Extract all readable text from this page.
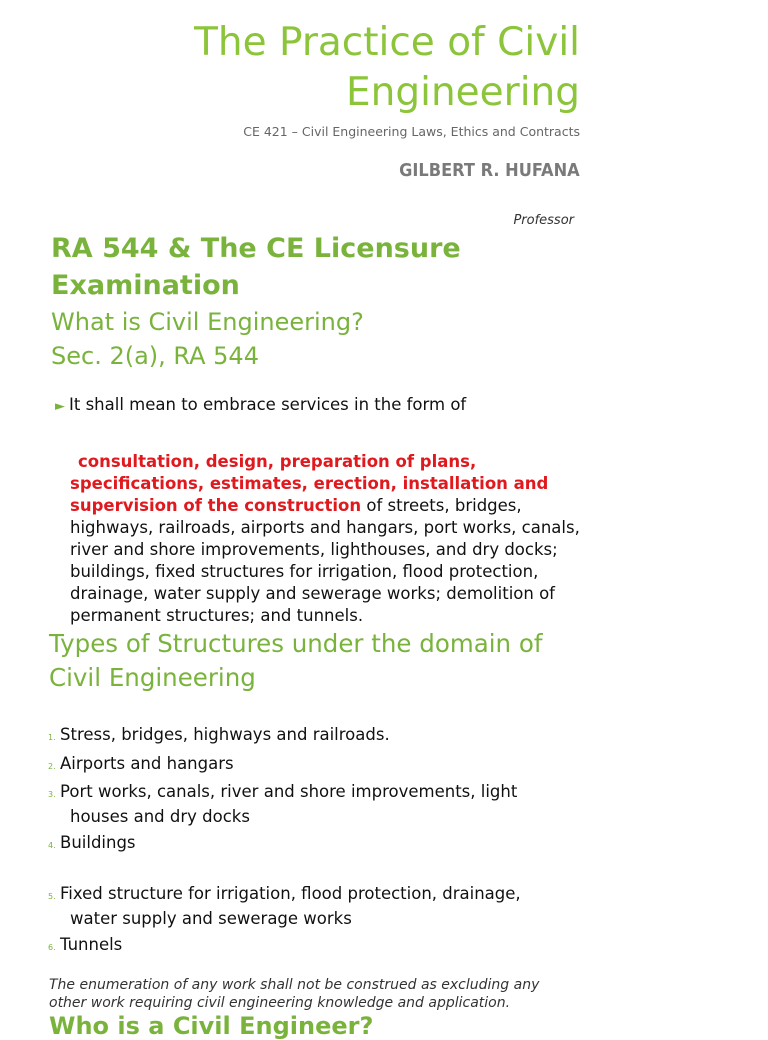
The Practice of Civil
Engineering
CE 421 – Civil Engineering Laws, Ethics and Contracts
GILBERT R. HUFANA
Professor
RA 544 & The CE Licensure
Examination
What is Civil Engineering?
Sec. 2(a), RA 544
► It shall mean to embrace services in the form of
consultation, design, preparation of plans, specifications, estimates, erection, installation and supervision of the construction of streets, bridges, highways, railroads, airports and hangars, port works, canals, river and shore improvements, lighthouses, and dry docks; buildings, fixed structures for irrigation, flood protection, drainage, water supply and sewerage works; demolition of permanent structures; and tunnels.
Types of Structures under the domain of
Civil Engineering
1. Stress, bridges, highways and railroads.
2. Airports and hangars
3. Port works, canals, river and shore improvements, light
houses and dry docks
4. Buildings
5. Fixed structure for irrigation, flood protection, drainage,
water supply and sewerage works
6. Tunnels
The enumeration of any work shall not be construed as excluding any other work requiring civil engineering knowledge and application.
Who is a Civil Engineer?
